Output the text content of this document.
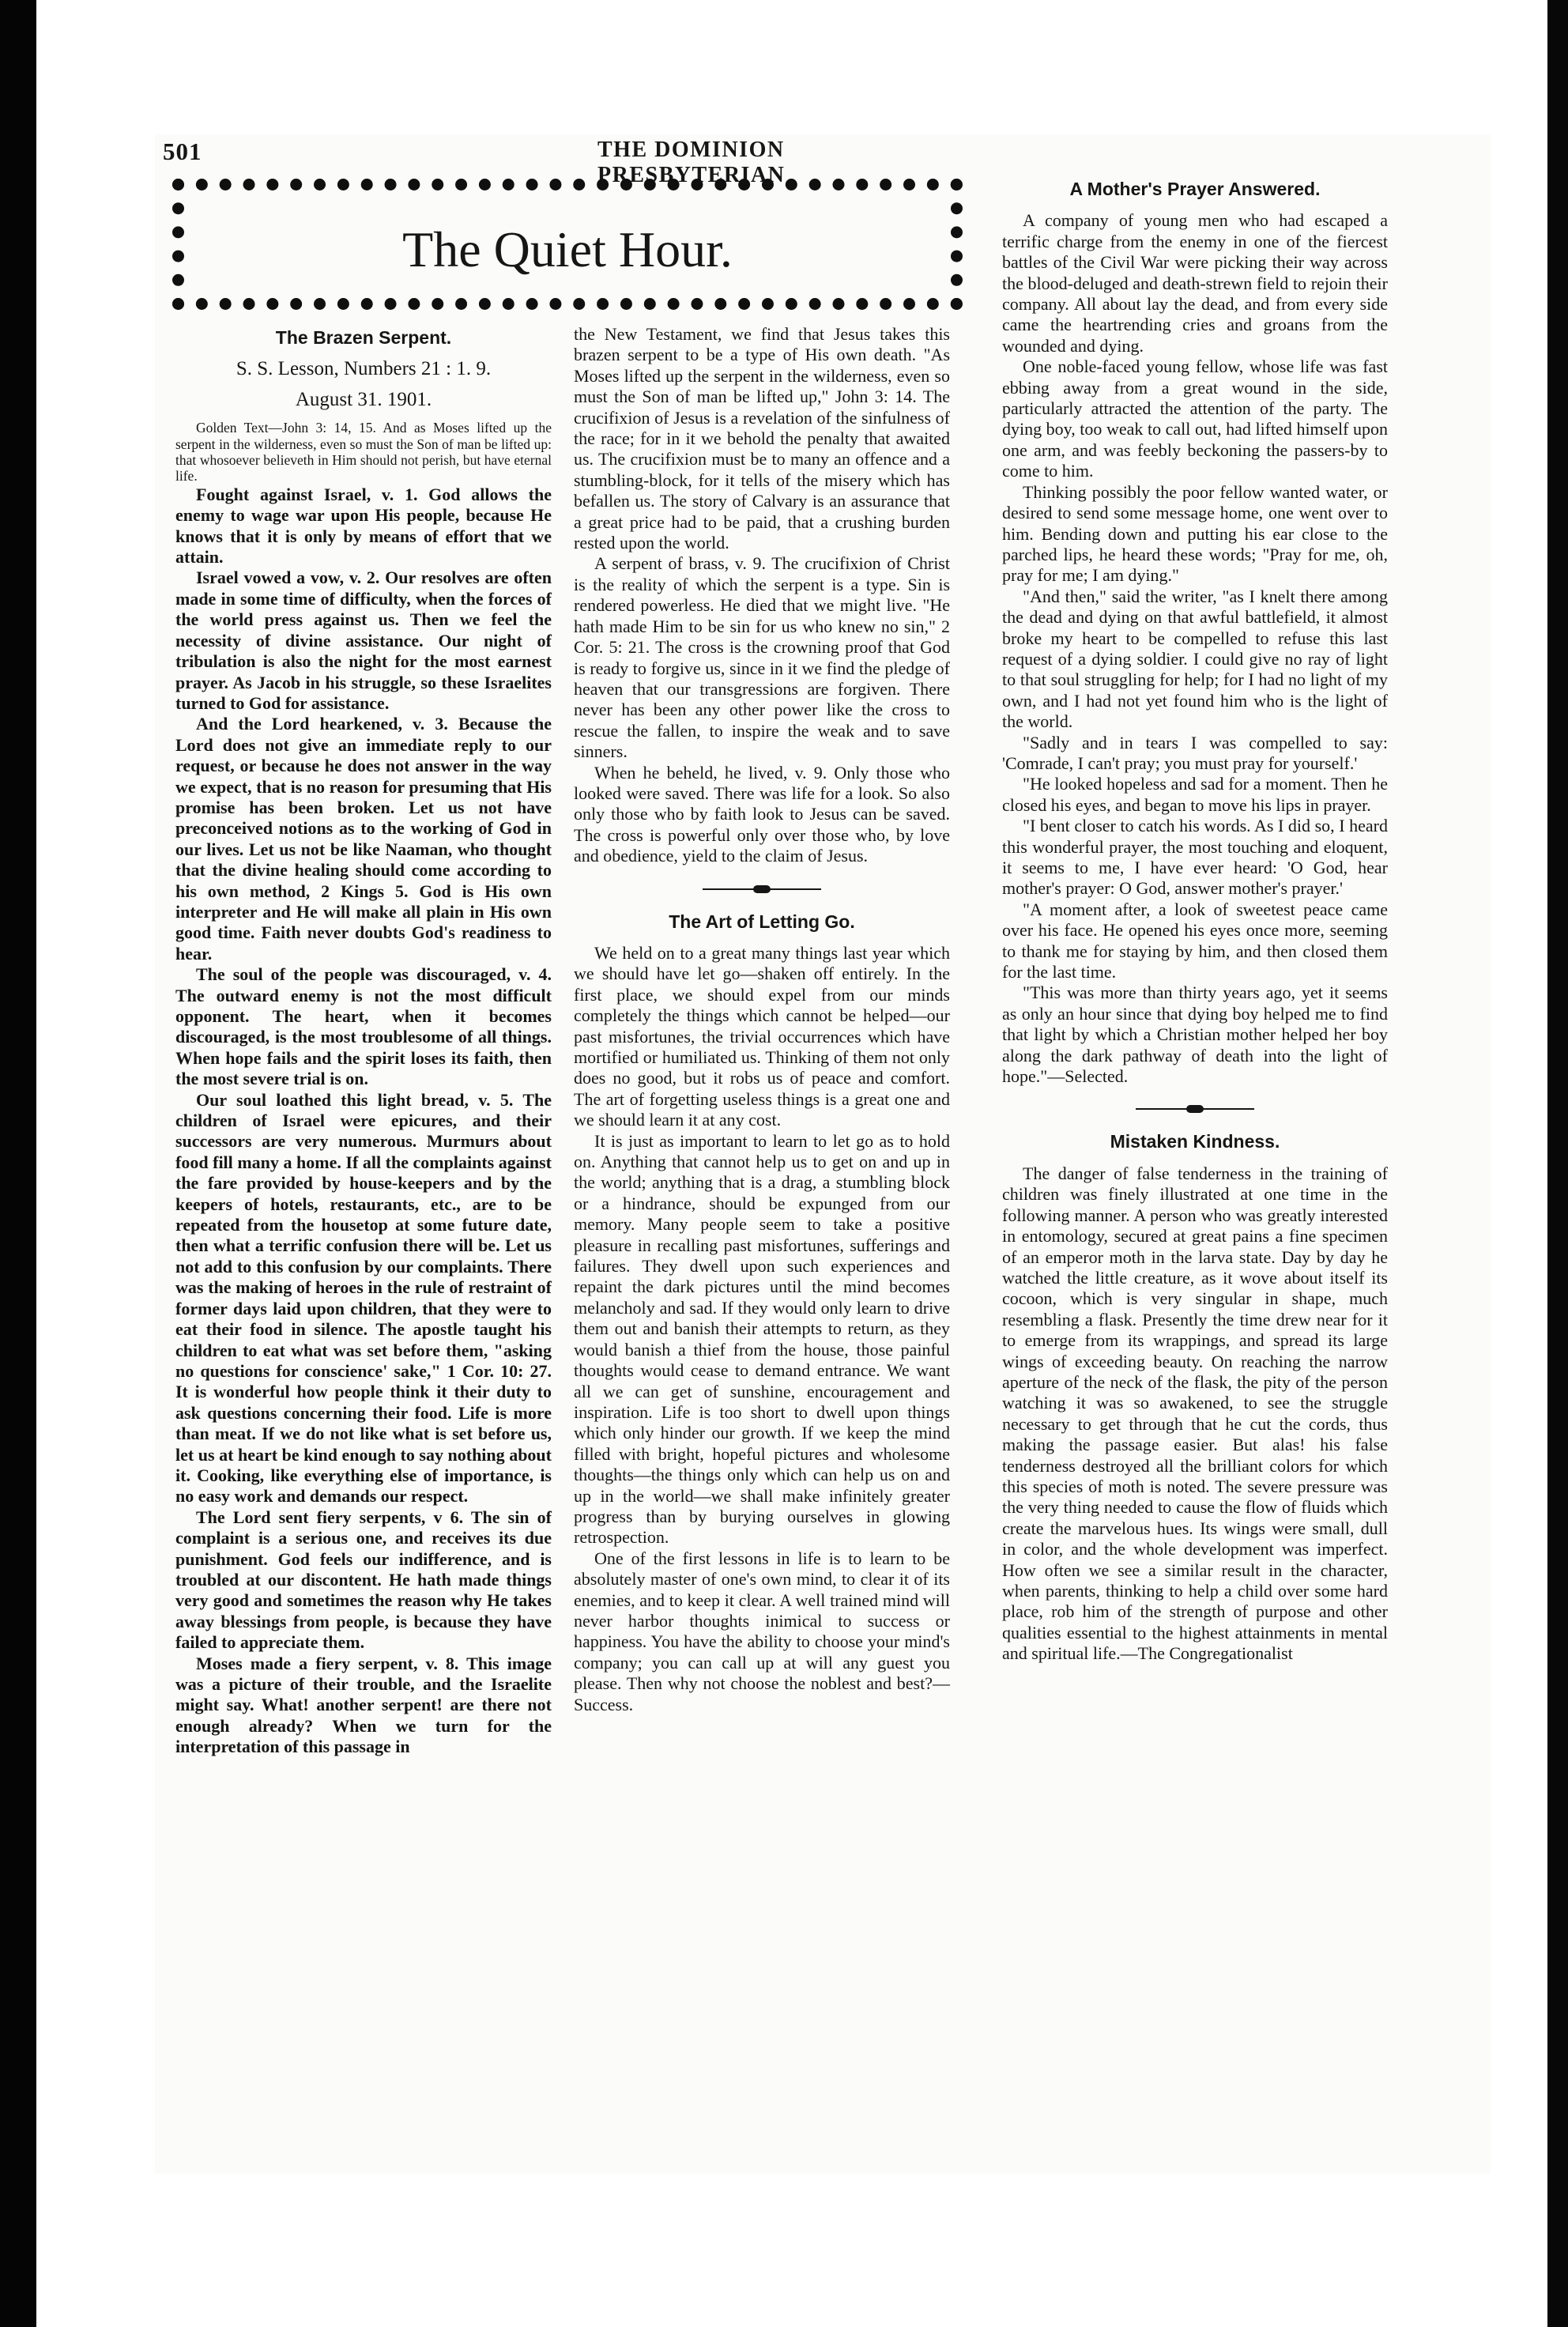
501	THE DOMINION PRESBYTERIAN
The Quiet Hour.
The Brazen Serpent.
S. S. Lesson, Numbers 21 : 1. 9.
August 31. 1901.

Golden Text—John 3: 14, 15. And as Moses lifted up the serpent in the wilderness, even so must the Son of man be lifted up: that whosoever believeth in Him should not perish, but have eternal life.

Fought against Israel, v. 1. God allows the enemy to wage war upon His people, because He knows that it is only by means of effort that we attain.

Israel vowed a vow, v. 2. Our resolves are often made in some time of difficulty, when the forces of the world press against us. Then we feel the necessity of divine assistance. Our night of tribulation is also the night for the most earnest prayer. As Jacob in his struggle, so these Israelites turned to God for assistance.

And the Lord hearkened, v. 3. Because the Lord does not give an immediate reply to our request, or because he does not answer in the way we expect, that is no reason for presuming that His promise has been broken. Let us not have preconceived notions as to the working of God in our lives. Let us not be like Naaman, who thought that the divine healing should come according to his own method, 2 Kings 5. God is His own interpreter and He will make all plain in His own good time. Faith never doubts God's readiness to hear.

The soul of the people was discouraged, v. 4. The outward enemy is not the most difficult opponent. The heart, when it becomes discouraged, is the most troublesome of all things. When hope fails and the spirit loses its faith, then the most severe trial is on.

Our soul loathed this light bread, v. 5. The children of Israel were epicures, and their successors are very numerous. Murmurs about food fill many a home. If all the complaints against the fare provided by house-keepers and by the keepers of hotels, restaurants, etc., are to be repeated from the housetop at some future date, then what a terrific confusion there will be. Let us not add to this confusion by our complaints. There was the making of heroes in the rule of restraint of former days laid upon children, that they were to eat their food in silence. The apostle taught his children to eat what was set before them, "asking no questions for conscience' sake," 1 Cor. 10: 27. It is wonderful how people think it their duty to ask questions concerning their food. Life is more than meat. If we do not like what is set before us, let us at heart be kind enough to say nothing about it. Cooking, like everything else of importance, is no easy work and demands our respect.

The Lord sent fiery serpents, v 6. The sin of complaint is a serious one, and receives its due punishment. God feels our indifference, and is troubled at our discontent. He hath made things very good and sometimes the reason why He takes away blessings from people, is because they have failed to appreciate them.

Moses made a fiery serpent, v. 8. This image was a picture of their trouble, and the Israelite might say. What! another serpent! are there not enough already? When we turn for the interpretation of this passage in

the New Testament, we find that Jesus takes this brazen serpent to be a type of His own death. "As Moses lifted up the serpent in the wilderness, even so must the Son of man be lifted up," John 3: 14. The crucifixion of Jesus is a revelation of the sinfulness of the race; for in it we behold the penalty that awaited us. The crucifixion must be to many an offence and a stumbling-block, for it tells of the misery which has befallen us. The story of Calvary is an assurance that a great price had to be paid, that a crushing burden rested upon the world.

A serpent of brass, v. 9. The crucifixion of Christ is the reality of which the serpent is a type. Sin is rendered powerless. He died that we might live. "He hath made Him to be sin for us who knew no sin," 2 Cor. 5: 21. The cross is the crowning proof that God is ready to forgive us, since in it we find the pledge of heaven that our transgressions are forgiven. There never has been any other power like the cross to rescue the fallen, to inspire the weak and to save sinners.

When he beheld, he lived, v. 9. Only those who looked were saved. There was life for a look. So also only those who by faith look to Jesus can be saved. The cross is powerful only over those who, by love and obedience, yield to the claim of Jesus.

The Art of Letting Go.

We held on to a great many things last year which we should have let go—shaken off entirely. In the first place, we should expel from our minds completely the things which cannot be helped—our past misfortunes, the trivial occurrences which have mortified or humiliated us. Thinking of them not only does no good, but it robs us of peace and comfort. The art of forgetting useless things is a great one and we should learn it at any cost.

It is just as important to learn to let go as to hold on. Anything that cannot help us to get on and up in the world; anything that is a drag, a stumbling block or a hindrance, should be expunged from our memory. Many people seem to take a positive pleasure in recalling past misfortunes, sufferings and failures. They dwell upon such experiences and repaint the dark pictures until the mind becomes melancholy and sad. If they would only learn to drive them out and banish their attempts to return, as they would banish a thief from the house, those painful thoughts would cease to demand entrance. We want all we can get of sunshine, encouragement and inspiration. Life is too short to dwell upon things which only hinder our growth. If we keep the mind filled with bright, hopeful pictures and wholesome thoughts—the things only which can help us on and up in the world—we shall make infinitely greater progress than by burying ourselves in glowing retrospection.

One of the first lessons in life is to learn to be absolutely master of one's own mind, to clear it of its enemies, and to keep it clear. A well trained mind will never harbor thoughts inimical to success or happiness. You have the ability to choose your mind's company; you can call up at will any guest you please. Then why not choose the noblest and best?—Success.

A Mother's Prayer Answered.

A company of young men who had escaped a terrific charge from the enemy in one of the fiercest battles of the Civil War were picking their way across the blood-deluged and death-strewn field to rejoin their company. All about lay the dead, and from every side came the heartrending cries and groans from the wounded and dying.

One noble-faced young fellow, whose life was fast ebbing away from a great wound in the side, particularly attracted the attention of the party. The dying boy, too weak to call out, had lifted himself upon one arm, and was feebly beckoning the passers-by to come to him.

Thinking possibly the poor fellow wanted water, or desired to send some message home, one went over to him. Bending down and putting his ear close to the parched lips, he heard these words; "Pray for me, oh, pray for me; I am dying."

"And then," said the writer, "as I knelt there among the dead and dying on that awful battlefield, it almost broke my heart to be compelled to refuse this last request of a dying soldier. I could give no ray of light to that soul struggling for help; for I had no light of my own, and I had not yet found him who is the light of the world.

"Sadly and in tears I was compelled to say: 'Comrade, I can't pray; you must pray for yourself.'

"He looked hopeless and sad for a moment. Then he closed his eyes, and began to move his lips in prayer.

"I bent closer to catch his words. As I did so, I heard this wonderful prayer, the most touching and eloquent, it seems to me, I have ever heard: 'O God, hear mother's prayer: O God, answer mother's prayer.'

"A moment after, a look of sweetest peace came over his face. He opened his eyes once more, seeming to thank me for staying by him, and then closed them for the last time.

"This was more than thirty years ago, yet it seems as only an hour since that dying boy helped me to find that light by which a Christian mother helped her boy along the dark pathway of death into the light of hope."—Selected.

Mistaken Kindness.

The danger of false tenderness in the training of children was finely illustrated at one time in the following manner. A person who was greatly interested in entomology, secured at great pains a fine specimen of an emperor moth in the larva state. Day by day he watched the little creature, as it wove about itself its cocoon, which is very singular in shape, much resembling a flask. Presently the time drew near for it to emerge from its wrappings, and spread its large wings of exceeding beauty. On reaching the narrow aperture of the neck of the flask, the pity of the person watching it was so awakened, to see the struggle necessary to get through that he cut the cords, thus making the passage easier. But alas! his false tenderness destroyed all the brilliant colors for which this species of moth is noted. The severe pressure was the very thing needed to cause the flow of fluids which create the marvelous hues. Its wings were small, dull in color, and the whole development was imperfect. How often we see a similar result in the character, when parents, thinking to help a child over some hard place, rob him of the strength of purpose and other qualities essential to the highest attainments in mental and spiritual life.—The Congregationalist
